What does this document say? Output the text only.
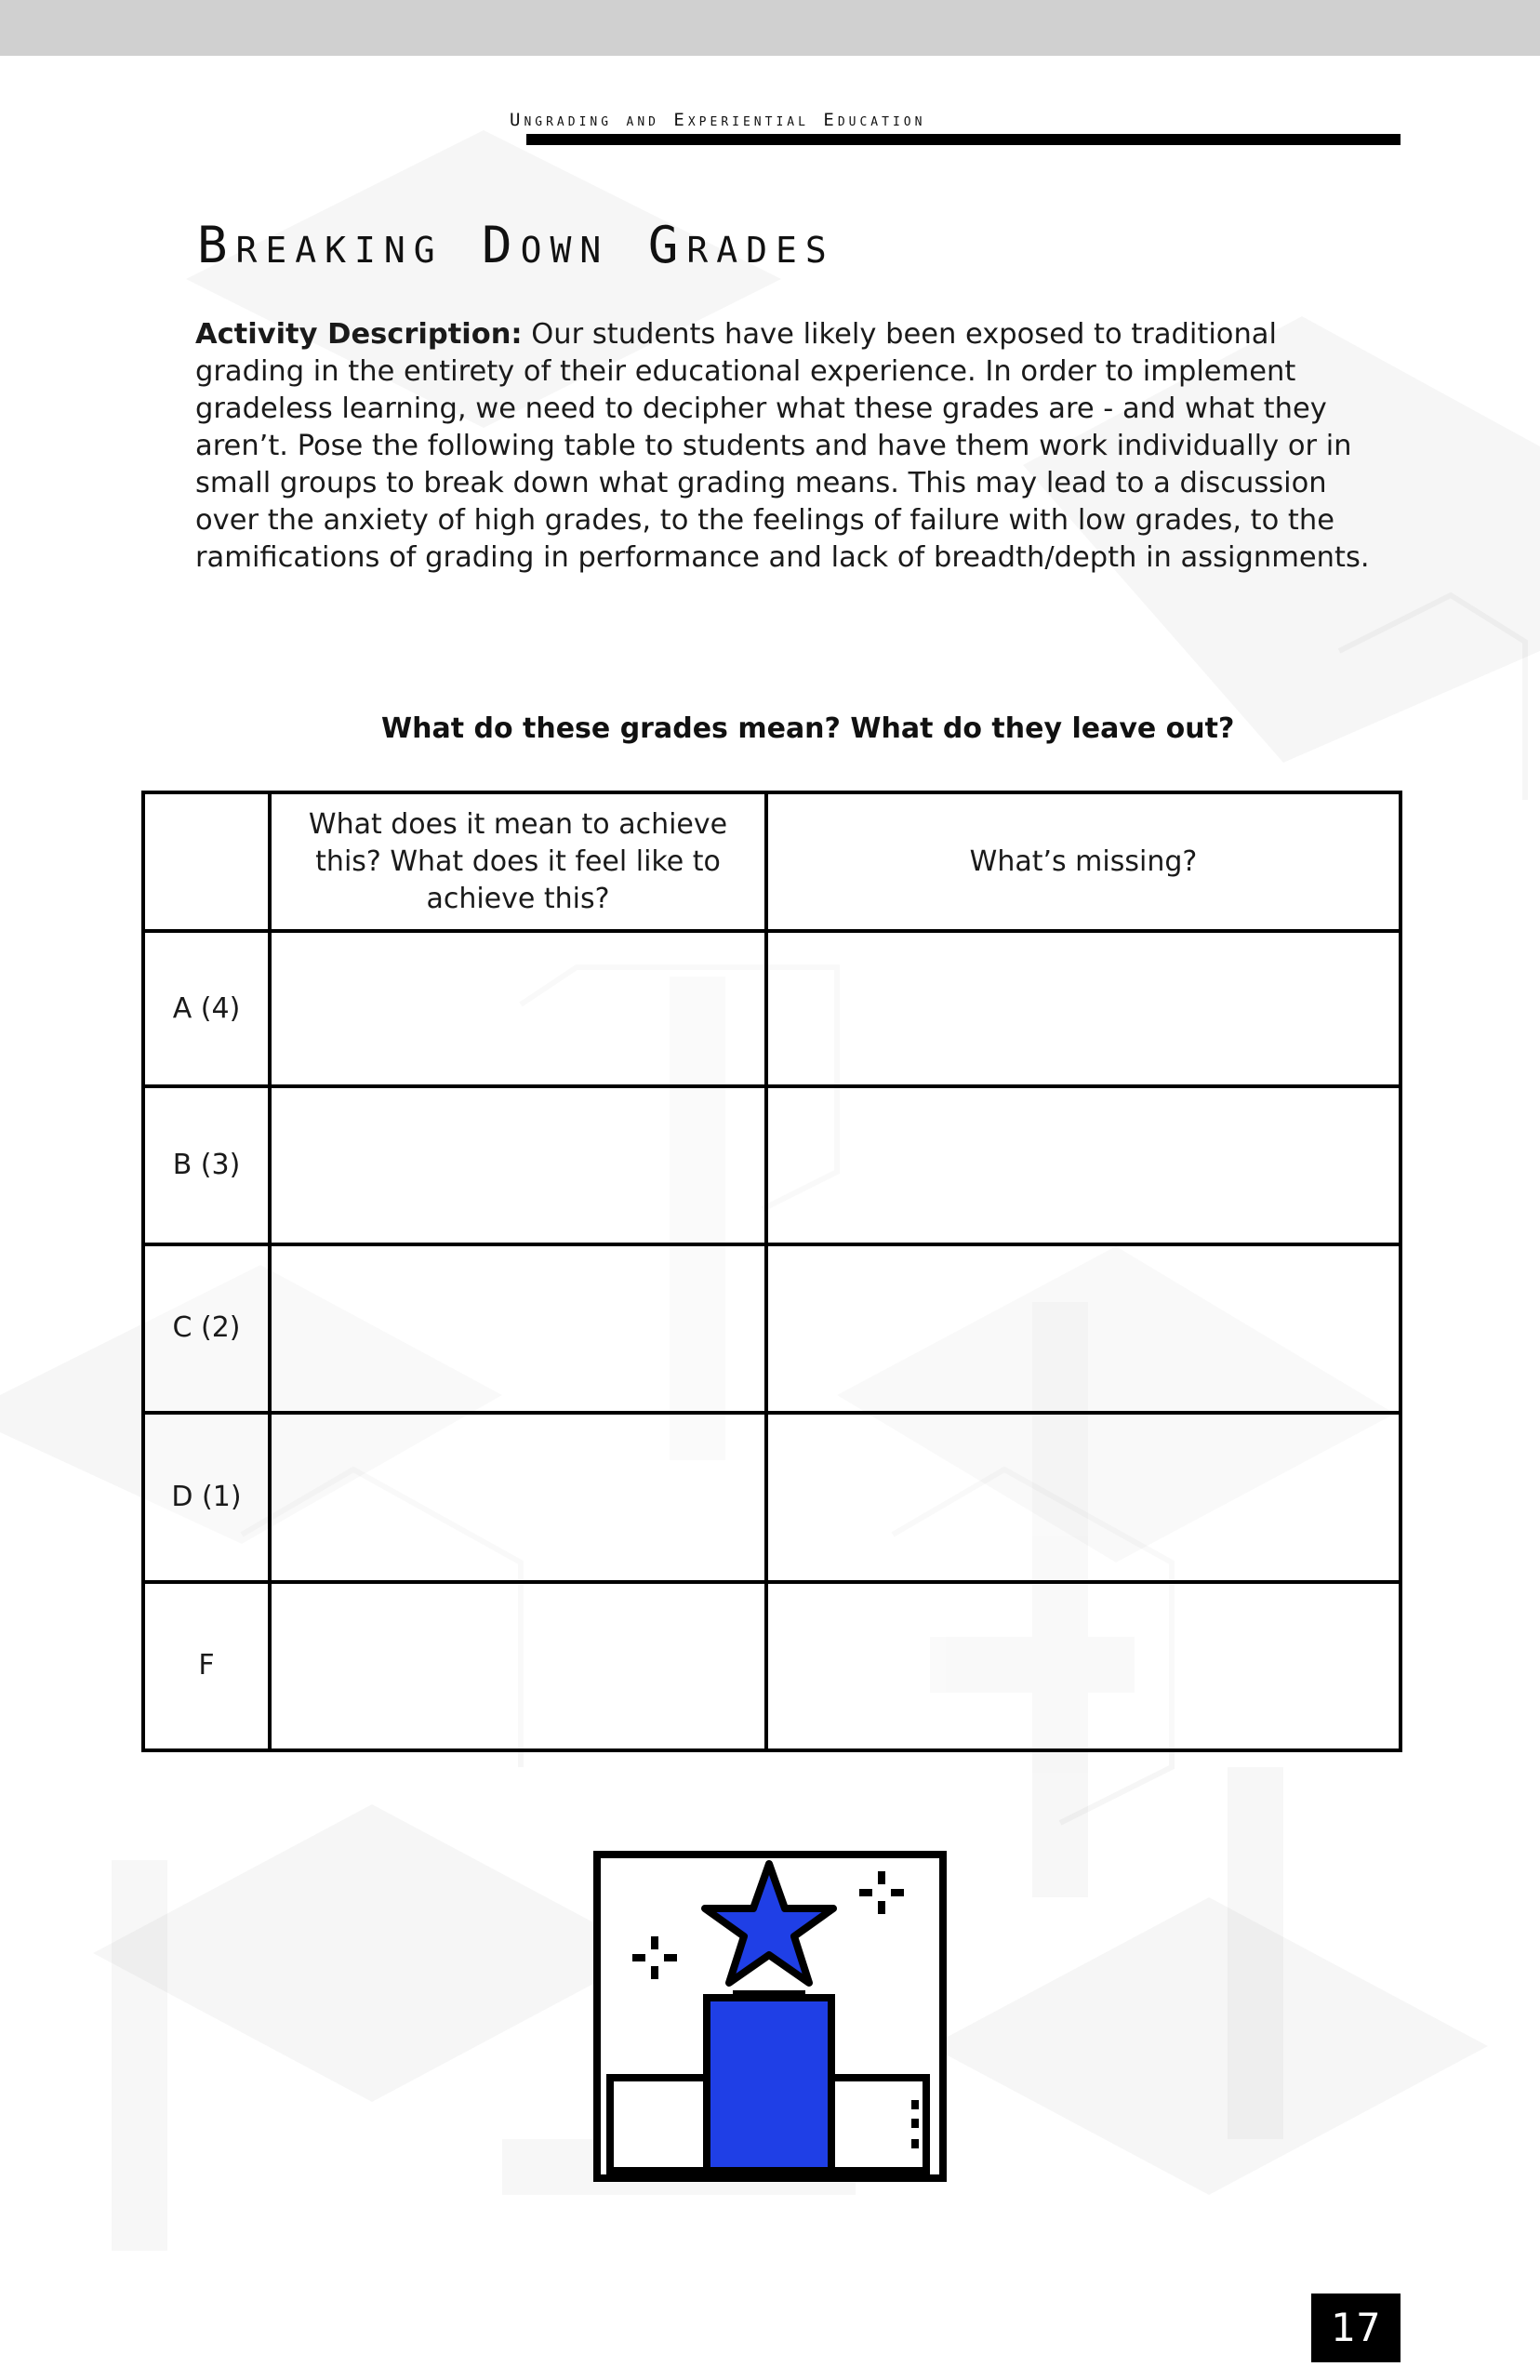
Ungrading and Experiential Education
Breaking Down Grades

Activity Description: Our students have likely been exposed to traditional grading in the entirety of their educational experience. In order to implement gradeless learning, we need to decipher what these grades are - and what they aren’t. Pose the following table to students and have them work individually or in small groups to break down what grading means. This may lead to a discussion over the anxiety of high grades, to the feelings of failure with low grades, to the ramifications of grading in performance and lack of breadth/depth in assignments.

What do these grades mean? What do they leave out?

	What does it mean to achieve this? What does it feel like to achieve this?	What’s missing?
A (4)		
B (3)		
C (2)		
D (1)		
F		
17
